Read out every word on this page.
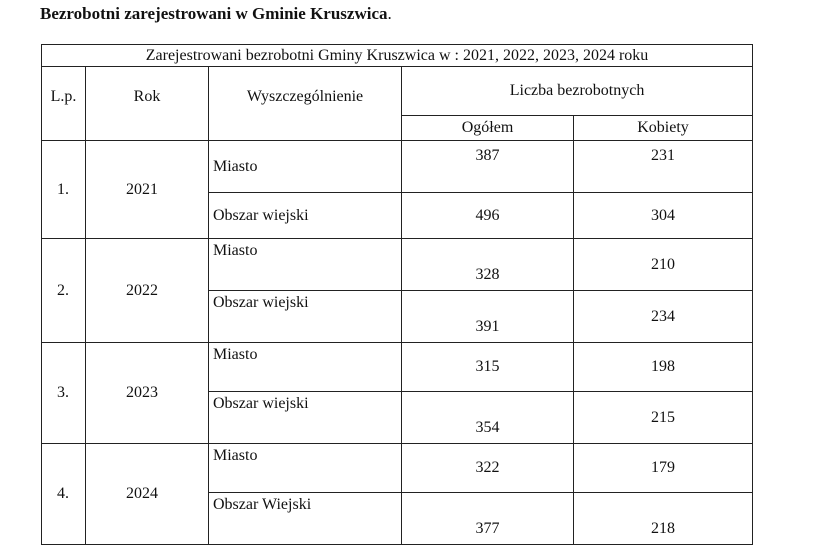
Bezrobotni zarejestrowani w Gminie Kruszwica.
Zarejestrowani bezrobotni Gminy Kruszwica w : 2021, 2022, 2023, 2024 roku				
L.p.	Rok	Wyszczególnienie	Liczba bezrobotnych	
			Ogółem	Kobiety
1.	2021	Miasto	387	231
		Obszar wiejski	496	304
2.	2022	Miasto	328	210
		Obszar wiejski	391	234
3.	2023	Miasto	315	198
		Obszar wiejski	354	215
4.	2024	Miasto	322	179
		Obszar Wiejski	377	218
